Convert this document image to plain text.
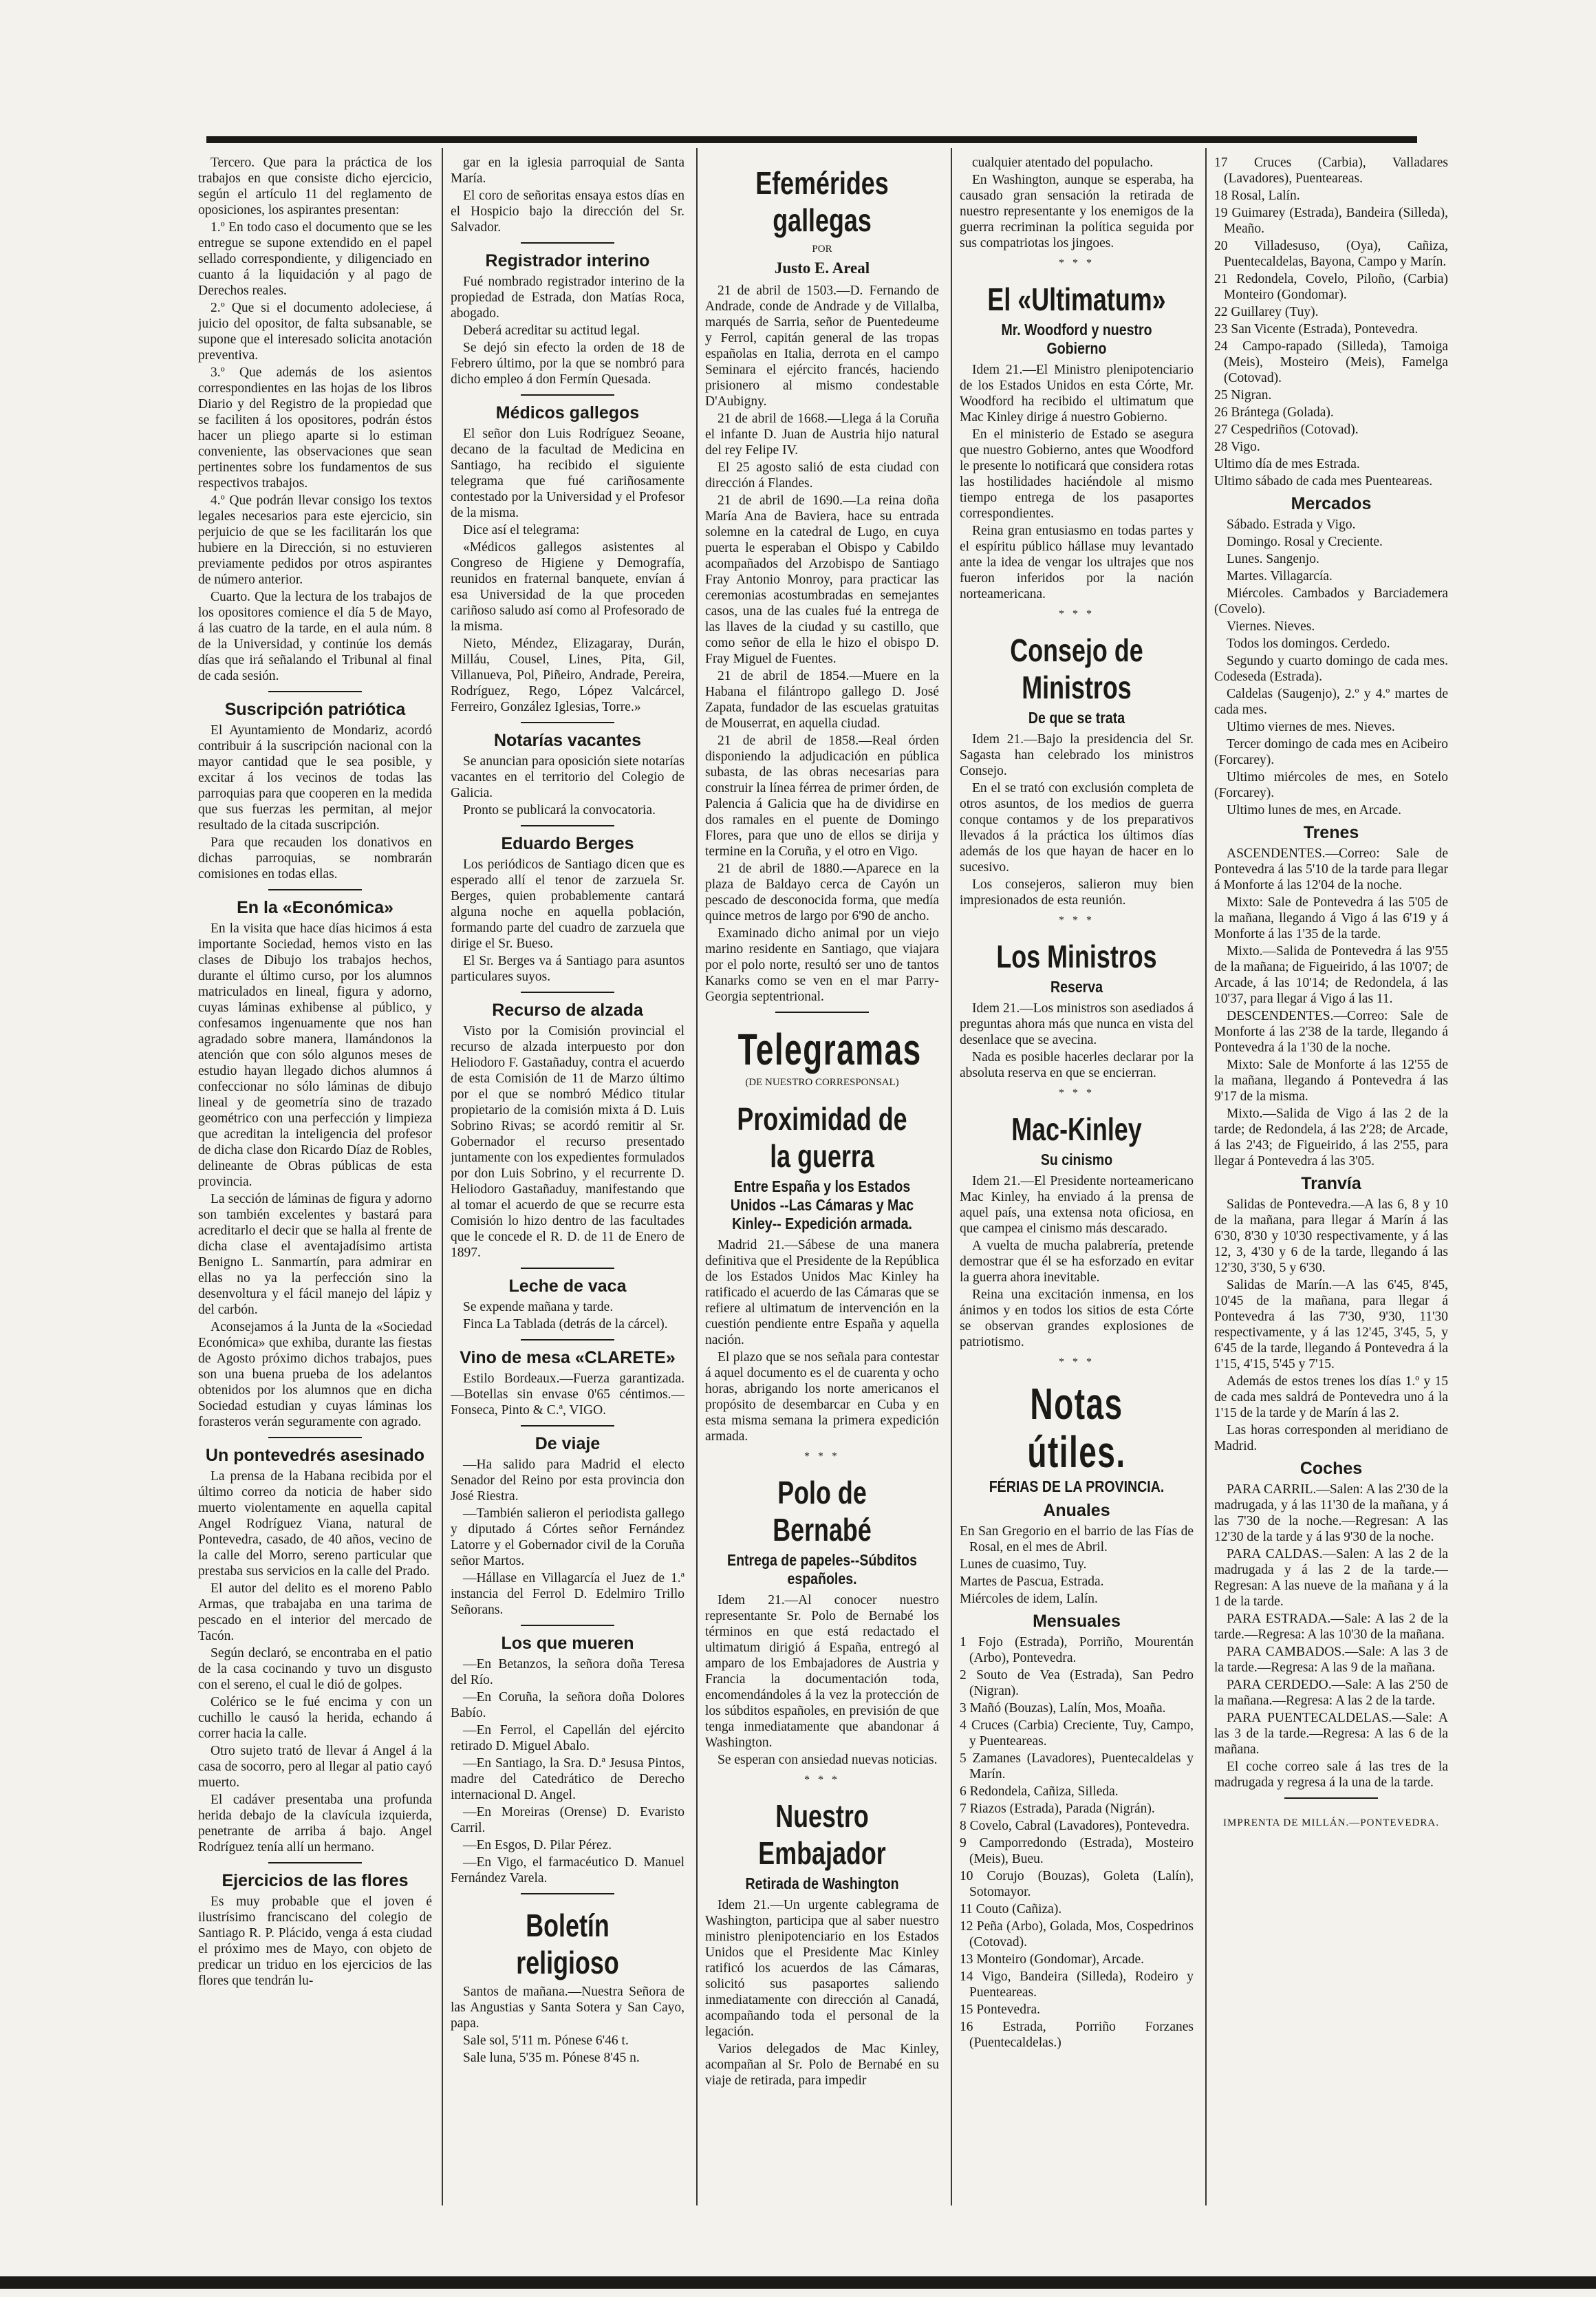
Tercero. Que para la práctica de los trabajos en que consiste dicho ejercicio, según el artículo 11 del reglamento de oposiciones, los aspirantes presentan:

1.º En todo caso el documento que se les entregue se supone extendido en el papel sellado correspondiente, y diligenciado en cuanto á la liquidación y al pago de Derechos reales.

2.º Que si el documento adoleciese, á juicio del opositor, de falta subsanable, se supone que el interesado solicita anotación preventiva.

3.º Que además de los asientos correspondientes en las hojas de los libros Diario y del Registro de la propiedad que se faciliten á los opositores, podrán éstos hacer un pliego aparte si lo estiman conveniente, las observaciones que sean pertinentes sobre los fundamentos de sus respectivos trabajos.

4.º Que podrán llevar consigo los textos legales necesarios para este ejercicio, sin perjuicio de que se les facilitarán los que hubiere en la Dirección, si no estuvieren previamente pedidos por otros aspirantes de número anterior.

Cuarto. Que la lectura de los trabajos de los opositores comience el día 5 de Mayo, á las cuatro de la tarde, en el aula núm. 8 de la Universidad, y continúe los demás días que irá señalando el Tribunal al final de cada sesión.

Suscripción patriótica

El Ayuntamiento de Mondariz, acordó contribuir á la suscripción nacional con la mayor cantidad que le sea posible, y excitar á los vecinos de todas las parroquias para que cooperen en la medida que sus fuerzas les permitan, al mejor resultado de la citada suscripción.

Para que recauden los donativos en dichas parroquias, se nombrarán comisiones en todas ellas.

En la «Económica»

En la visita que hace días hicimos á esta importante Sociedad, hemos visto en las clases de Dibujo los trabajos hechos, durante el último curso, por los alumnos matriculados en lineal, figura y adorno, cuyas láminas exhibense al público, y confesamos ingenuamente que nos han agradado sobre manera, llamándonos la atención que con sólo algunos meses de estudio hayan llegado dichos alumnos á confeccionar no sólo láminas de dibujo lineal y de geometría sino de trazado geométrico con una perfección y limpieza que acreditan la inteligencia del profesor de dicha clase don Ricardo Díaz de Robles, delineante de Obras públicas de esta provincia.

La sección de láminas de figura y adorno son también excelentes y bastará para acreditarlo el decir que se halla al frente de dicha clase el aventajadísimo artista Benigno L. Sanmartín, para admirar en ellas no ya la perfección sino la desenvoltura y el fácil manejo del lápiz y del carbón.

Aconsejamos á la Junta de la «Sociedad Económica» que exhiba, durante las fiestas de Agosto próximo dichos trabajos, pues son una buena prueba de los adelantos obtenidos por los alumnos que en dicha Sociedad estudian y cuyas láminas los forasteros verán seguramente con agrado.

Un pontevedrés asesinado

La prensa de la Habana recibida por el último correo da noticia de haber sido muerto violentamente en aquella capital Angel Rodríguez Viana, natural de Pontevedra, casado, de 40 años, vecino de la calle del Morro, sereno particular que prestaba sus servicios en la calle del Prado.

El autor del delito es el moreno Pablo Armas, que trabajaba en una tarima de pescado en el interior del mercado de Tacón.

Según declaró, se encontraba en el patio de la casa cocinando y tuvo un disgusto con el sereno, el cual le dió de golpes.

Colérico se le fué encima y con un cuchillo le causó la herida, echando á correr hacia la calle.

Otro sujeto trató de llevar á Angel á la casa de socorro, pero al llegar al patio cayó muerto.

El cadáver presentaba una profunda herida debajo de la clavícula izquierda, penetrante de arriba á bajo. Angel Rodríguez tenía allí un hermano.

Ejercicios de las flores

Es muy probable que el joven é ilustrísimo franciscano del colegio de Santiago R. P. Plácido, venga á esta ciudad el próximo mes de Mayo, con objeto de predicar un triduo en los ejercicios de las flores que tendrán lu-

gar en la iglesia parroquial de Santa María.

El coro de señoritas ensaya estos días en el Hospicio bajo la dirección del Sr. Salvador.

Registrador interino

Fué nombrado registrador interino de la propiedad de Estrada, don Matías Roca, abogado.

Deberá acreditar su actitud legal.

Se dejó sin efecto la orden de 18 de Febrero último, por la que se nombró para dicho empleo á don Fermín Quesada.

Médicos gallegos

El señor don Luis Rodríguez Seoane, decano de la facultad de Medicina en Santiago, ha recibido el siguiente telegrama que fué cariñosamente contestado por la Universidad y el Profesor de la misma.

Dice así el telegrama:

«Médicos gallegos asistentes al Congreso de Higiene y Demografía, reunidos en fraternal banquete, envían á esa Universidad de la que proceden cariñoso saludo así como al Profesorado de la misma.

Nieto, Méndez, Elizagaray, Durán, Milláu, Cousel, Lines, Pita, Gil, Villanueva, Pol, Piñeiro, Andrade, Pereira, Rodríguez, Rego, López Valcárcel, Ferreiro, González Iglesias, Torre.»

Notarías vacantes

Se anuncian para oposición siete notarías vacantes en el territorio del Colegio de Galicia.

Pronto se publicará la convocatoria.

Eduardo Berges

Los periódicos de Santiago dicen que es esperado allí el tenor de zarzuela Sr. Berges, quien probablemente cantará alguna noche en aquella población, formando parte del cuadro de zarzuela que dirige el Sr. Bueso.

El Sr. Berges va á Santiago para asuntos particulares suyos.

Recurso de alzada

Visto por la Comisión provincial el recurso de alzada interpuesto por don Heliodoro F. Gastañaduy, contra el acuerdo de esta Comisión de 11 de Marzo último por el que se nombró Médico titular propietario de la comisión mixta á D. Luis Sobrino Rivas; se acordó remitir al Sr. Gobernador el recurso presentado juntamente con los expedientes formulados por don Luis Sobrino, y el recurrente D. Heliodoro Gastañaduy, manifestando que al tomar el acuerdo de que se recurre esta Comisión lo hizo dentro de las facultades que le concede el R. D. de 11 de Enero de 1897.

Leche de vaca

Se expende mañana y tarde.

Finca La Tablada (detrás de la cárcel).

Vino de mesa «CLARETE»

Estilo Bordeaux.—Fuerza garantizada.—Botellas sin envase 0'65 céntimos.—Fonseca, Pinto & C.ª, VIGO.

De viaje

—Ha salido para Madrid el electo Senador del Reino por esta provincia don José Riestra.

—También salieron el periodista gallego y diputado á Córtes señor Fernández Latorre y el Gobernador civil de la Coruña señor Martos.

—Hállase en Villagarcía el Juez de 1.ª instancia del Ferrol D. Edelmiro Trillo Señorans.

Los que mueren

—En Betanzos, la señora doña Teresa del Río.

—En Coruña, la señora doña Dolores Babío.

—En Ferrol, el Capellán del ejército retirado D. Miguel Abalo.

—En Santiago, la Sra. D.ª Jesusa Pintos, madre del Catedrático de Derecho internacional D. Angel.

—En Moreiras (Orense) D. Evaristo Carril.

—En Esgos, D. Pilar Pérez.

—En Vigo, el farmacéutico D. Manuel Fernández Varela.

Boletín religioso

Santos de mañana.—Nuestra Señora de las Angustias y Santa Sotera y San Cayo, papa.

Sale sol, 5'11 m. Pónese 6'46 t.

Sale luna, 5'35 m. Pónese 8'45 n.

Efemérides gallegas
POR
Justo E. Areal

21 de abril de 1503.—D. Fernando de Andrade, conde de Andrade y de Villalba, marqués de Sarria, señor de Puentedeume y Ferrol, capitán general de las tropas españolas en Italia, derrota en el campo Seminara el ejército francés, haciendo prisionero al mismo condestable D'Aubigny.

21 de abril de 1668.—Llega á la Coruña el infante D. Juan de Austria hijo natural del rey Felipe IV.

El 25 agosto salió de esta ciudad con dirección á Flandes.

21 de abril de 1690.—La reina doña María Ana de Baviera, hace su entrada solemne en la catedral de Lugo, en cuya puerta le esperaban el Obispo y Cabildo acompañados del Arzobispo de Santiago Fray Antonio Monroy, para practicar las ceremonias acostumbradas en semejantes casos, una de las cuales fué la entrega de las llaves de la ciudad y su castillo, que como señor de ella le hizo el obispo D. Fray Miguel de Fuentes.

21 de abril de 1854.—Muere en la Habana el filántropo gallego D. José Zapata, fundador de las escuelas gratuitas de Mouserrat, en aquella ciudad.

21 de abril de 1858.—Real órden disponiendo la adjudicación en pública subasta, de las obras necesarias para construir la línea férrea de primer órden, de Palencia á Galicia que ha de dividirse en dos ramales en el puente de Domingo Flores, para que uno de ellos se dirija y termine en la Coruña, y el otro en Vigo.

21 de abril de 1880.—Aparece en la plaza de Baldayo cerca de Cayón un pescado de desconocida forma, que medía quince metros de largo por 6'90 de ancho.

Examinado dicho animal por un viejo marino residente en Santiago, que viajara por el polo norte, resultó ser uno de tantos Kanarks como se ven en el mar Parry-Georgia septentrional.

Telegramas
(DE NUESTRO CORRESPONSAL)
Proximidad de la guerra
Entre España y los Estados Unidos --Las Cámaras y Mac Kinley-- Expedición armada.

Madrid 21.—Sábese de una manera definitiva que el Presidente de la República de los Estados Unidos Mac Kinley ha ratificado el acuerdo de las Cámaras que se refiere al ultimatum de intervención en la cuestión pendiente entre España y aquella nación.

El plazo que se nos señala para contestar á aquel documento es el de cuarenta y ocho horas, abrigando los norte americanos el propósito de desembarcar en Cuba y en esta misma semana la primera expedición armada.

* * *
Polo de Bernabé
Entrega de papeles--Súbditos españoles.

Idem 21.—Al conocer nuestro representante Sr. Polo de Bernabé los términos en que está redactado el ultimatum dirigió á España, entregó al amparo de los Embajadores de Austria y Francia la documentación toda, encomendándoles á la vez la protección de los súbditos españoles, en previsión de que tenga inmediatamente que abandonar á Washington.

Se esperan con ansiedad nuevas noticias.

* * *
Nuestro Embajador
Retirada de Washington

Idem 21.—Un urgente cablegrama de Washington, participa que al saber nuestro ministro plenipotenciario en los Estados Unidos que el Presidente Mac Kinley ratificó los acuerdos de las Cámaras, solicitó sus pasaportes saliendo inmediatamente con dirección al Canadá, acompañando toda el personal de la legación.

Varios delegados de Mac Kinley, acompañan al Sr. Polo de Bernabé en su viaje de retirada, para impedir

cualquier atentado del populacho.

En Washington, aunque se esperaba, ha causado gran sensación la retirada de nuestro representante y los enemigos de la guerra recriminan la política seguida por sus compatriotas los jingoes.

* * *
El «Ultimatum»
Mr. Woodford y nuestro Gobierno

Idem 21.—El Ministro plenipotenciario de los Estados Unidos en esta Córte, Mr. Woodford ha recibido el ultimatum que Mac Kinley dirige á nuestro Gobierno.

En el ministerio de Estado se asegura que nuestro Gobierno, antes que Woodford le presente lo notificará que considera rotas las hostilidades haciéndole al mismo tiempo entrega de los pasaportes correspondientes.

Reina gran entusiasmo en todas partes y el espíritu público hállase muy levantado ante la idea de vengar los ultrajes que nos fueron inferidos por la nación norteamericana.

* * *
Consejo de Ministros
De que se trata

Idem 21.—Bajo la presidencia del Sr. Sagasta han celebrado los ministros Consejo.

En el se trató con exclusión completa de otros asuntos, de los medios de guerra conque contamos y de los preparativos llevados á la práctica los últimos días además de los que hayan de hacer en lo sucesivo.

Los consejeros, salieron muy bien impresionados de esta reunión.

* * *
Los Ministros
Reserva

Idem 21.—Los ministros son asediados á preguntas ahora más que nunca en vista del desenlace que se avecina.

Nada es posible hacerles declarar por la absoluta reserva en que se encierran.

* * *
Mac-Kinley
Su cinismo

Idem 21.—El Presidente norteamericano Mac Kinley, ha enviado á la prensa de aquel país, una extensa nota oficiosa, en que campea el cinismo más descarado.

A vuelta de mucha palabrería, pretende demostrar que él se ha esforzado en evitar la guerra ahora inevitable.

Reina una excitación inmensa, en los ánimos y en todos los sitios de esta Córte se observan grandes explosiones de patriotismo.

* * *
Notas útiles.
FÉRIAS DE LA PROVINCIA.
Anuales

En San Gregorio en el barrio de las Fías de Rosal, en el mes de Abril.

Lunes de cuasimo, Tuy.

Martes de Pascua, Estrada.

Miércoles de idem, Lalín.

Mensuales

1 Fojo (Estrada), Porriño, Mourentán (Arbo), Pontevedra.

2 Souto de Vea (Estrada), San Pedro (Nigran).

3 Mañó (Bouzas), Lalín, Mos, Moaña.

4 Cruces (Carbia) Creciente, Tuy, Campo, y Puenteareas.

5 Zamanes (Lavadores), Puentecaldelas y Marín.

6 Redondela, Cañiza, Silleda.

7 Riazos (Estrada), Parada (Nigrán).

8 Covelo, Cabral (Lavadores), Pontevedra.

9 Camporredondo (Estrada), Mosteiro (Meis), Bueu.

10 Corujo (Bouzas), Goleta (Lalín), Sotomayor.

11 Couto (Cañiza).

12 Peña (Arbo), Golada, Mos, Cospedrinos (Cotovad).

13 Monteiro (Gondomar), Arcade.

14 Vigo, Bandeira (Silleda), Rodeiro y Puenteareas.

15 Pontevedra.

16 Estrada, Porriño Forzanes (Puentecaldelas.)

17 Cruces (Carbia), Valladares (Lavadores), Puenteareas.

18 Rosal, Lalín.

19 Guimarey (Estrada), Bandeira (Silleda), Meaño.

20 Villadesuso, (Oya), Cañiza, Puentecaldelas, Bayona, Campo y Marín.

21 Redondela, Covelo, Piloño, (Carbia) Monteiro (Gondomar).

22 Guillarey (Tuy).

23 San Vicente (Estrada), Pontevedra.

24 Campo-rapado (Silleda), Tamoiga (Meis), Mosteiro (Meis), Famelga (Cotovad).

25 Nigran.

26 Brántega (Golada).

27 Cespedriños (Cotovad).

28 Vigo.

Ultimo día de mes Estrada.

Ultimo sábado de cada mes Puenteareas.

Mercados

Sábado. Estrada y Vigo.

Domingo. Rosal y Creciente.

Lunes. Sangenjo.

Martes. Villagarcía.

Miércoles. Cambados y Barciademera (Covelo).

Viernes. Nieves.

Todos los domingos. Cerdedo.

Segundo y cuarto domingo de cada mes. Codeseda (Estrada).

Caldelas (Saugenjo), 2.º y 4.º martes de cada mes.

Ultimo viernes de mes. Nieves.

Tercer domingo de cada mes en Acibeiro (Forcarey).

Ultimo miércoles de mes, en Sotelo (Forcarey).

Ultimo lunes de mes, en Arcade.

Trenes

ASCENDENTES.—Correo: Sale de Pontevedra á las 5'10 de la tarde para llegar á Monforte á las 12'04 de la noche.

Mixto: Sale de Pontevedra á las 5'05 de la mañana, llegando á Vigo á las 6'19 y á Monforte á las 1'35 de la tarde.

Mixto.—Salida de Pontevedra á las 9'55 de la mañana; de Figueirido, á las 10'07; de Arcade, á las 10'14; de Redondela, á las 10'37, para llegar á Vigo á las 11.

DESCENDENTES.—Correo: Sale de Monforte á las 2'38 de la tarde, llegando á Pontevedra á la 1'30 de la noche.

Mixto: Sale de Monforte á las 12'55 de la mañana, llegando á Pontevedra á las 9'17 de la misma.

Mixto.—Salida de Vigo á las 2 de la tarde; de Redondela, á las 2'28; de Arcade, á las 2'43; de Figueirido, á las 2'55, para llegar á Pontevedra á las 3'05.

Tranvía

Salidas de Pontevedra.—A las 6, 8 y 10 de la mañana, para llegar á Marín á las 6'30, 8'30 y 10'30 respectivamente, y á las 12, 3, 4'30 y 6 de la tarde, llegando á las 12'30, 3'30, 5 y 6'30.

Salidas de Marín.—A las 6'45, 8'45, 10'45 de la mañana, para llegar á Pontevedra á las 7'30, 9'30, 11'30 respectivamente, y á las 12'45, 3'45, 5, y 6'45 de la tarde, llegando á Pontevedra á la 1'15, 4'15, 5'45 y 7'15.

Además de estos trenes los días 1.º y 15 de cada mes saldrá de Pontevedra uno á la 1'15 de la tarde y de Marín á las 2.

Las horas corresponden al meridiano de Madrid.

Coches

PARA CARRIL.—Salen: A las 2'30 de la madrugada, y á las 11'30 de la mañana, y á las 7'30 de la noche.—Regresan: A las 12'30 de la tarde y á las 9'30 de la noche.

PARA CALDAS.—Salen: A las 2 de la madrugada y á las 2 de la tarde.—Regresan: A las nueve de la mañana y á la 1 de la tarde.

PARA ESTRADA.—Sale: A las 2 de la tarde.—Regresa: A las 10'30 de la mañana.

PARA CAMBADOS.—Sale: A las 3 de la tarde.—Regresa: A las 9 de la mañana.

PARA CERDEDO.—Sale: A las 2'50 de la mañana.—Regresa: A las 2 de la tarde.

PARA PUENTECALDELAS.—Sale: A las 3 de la tarde.—Regresa: A las 6 de la mañana.

El coche correo sale á las tres de la madrugada y regresa á la una de la tarde.

IMPRENTA DE MILLÁN.—PONTEVEDRA.
